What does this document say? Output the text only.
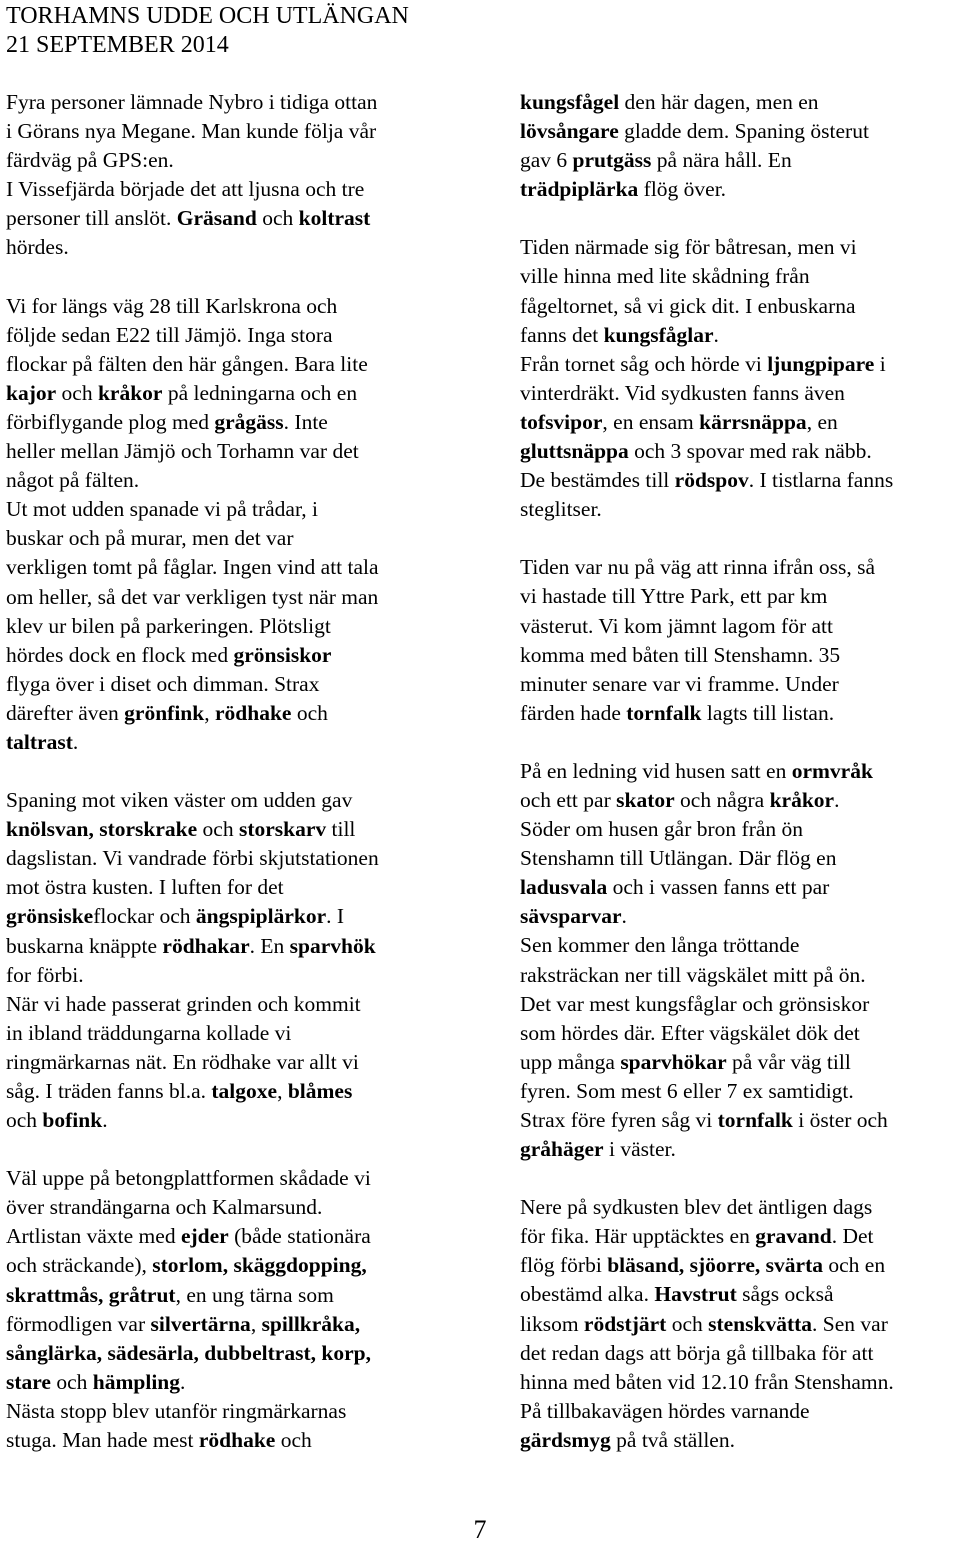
TORHAMNS UDDE OCH UTLÄNGAN
21 SEPTEMBER 2014
Fyra personer lämnade Nybro i tidiga ottan
i Görans nya Megane. Man kunde följa vår
färdväg på GPS:en.
I Vissefjärda började det att ljusna och tre
personer till anslöt. Gräsand och koltrast
hördes.
Vi for längs väg 28 till Karlskrona och
följde sedan E22 till Jämjö. Inga stora
flockar på fälten den här gången. Bara lite
kajor och kråkor på ledningarna och en
förbiflygande plog med grågäss. Inte
heller mellan Jämjö och Torhamn var det
något på fälten.
Ut mot udden spanade vi på trådar, i
buskar och på murar, men det var
verkligen tomt på fåglar. Ingen vind att tala
om heller, så det var verkligen tyst när man
klev ur bilen på parkeringen. Plötsligt
hördes dock en flock med grönsiskor
flyga över i diset och dimman. Strax
därefter även grönfink, rödhake och
taltrast.
Spaning mot viken väster om udden gav
knölsvan, storskrake och storskarv till
dagslistan. Vi vandrade förbi skjutstationen
mot östra kusten. I luften for det
grönsiskeflockar och ängspiplärkor. I
buskarna knäppte rödhakar. En sparvhök
for förbi.
När vi hade passerat grinden och kommit
in ibland träddungarna kollade vi
ringmärkarnas nät. En rödhake var allt vi
såg. I träden fanns bl.a. talgoxe, blåmes
och bofink.
Väl uppe på betongplattformen skådade vi
över strandängarna och Kalmarsund.
Artlistan växte med ejder (både stationära
och sträckande), storlom, skäggdopping,
skrattmås, gråtrut, en ung tärna som
förmodligen var silvertärna, spillkråka,
sånglärka, sädesärla, dubbeltrast, korp,
stare och hämpling.
Nästa stopp blev utanför ringmärkarnas
stuga. Man hade mest rödhake och
kungsfågel den här dagen, men en
lövsångare gladde dem. Spaning österut
gav 6 prutgäss på nära håll. En
trädpiplärka flög över.
Tiden närmade sig för båtresan, men vi
ville hinna med lite skådning från
fågeltornet, så vi gick dit. I enbuskarna
fanns det kungsfåglar.
Från tornet såg och hörde vi ljungpipare i
vinterdräkt. Vid sydkusten fanns även
tofsvipor, en ensam kärrsnäppa, en
gluttsnäppa och 3 spovar med rak näbb.
De bestämdes till rödspov. I tistlarna fanns
steglitser.
Tiden var nu på väg att rinna ifrån oss, så
vi hastade till Yttre Park, ett par km
västerut. Vi kom jämnt lagom för att
komma med båten till Stenshamn. 35
minuter senare var vi framme. Under
färden hade tornfalk lagts till listan.
På en ledning vid husen satt en ormvråk
och ett par skator och några kråkor.
Söder om husen går bron från ön
Stenshamn till Utlängan. Där flög en
ladusvala och i vassen fanns ett par
sävsparvar.
Sen kommer den långa tröttande
raksträckan ner till vägskälet mitt på ön.
Det var mest kungsfåglar och grönsiskor
som hördes där. Efter vägskälet dök det
upp många sparvhökar på vår väg till
fyren. Som mest 6 eller 7 ex samtidigt.
Strax före fyren såg vi tornfalk i öster och
gråhäger i väster.
Nere på sydkusten blev det äntligen dags
för fika. Här upptäcktes en gravand. Det
flög förbi bläsand, sjöorre, svärta och en
obestämd alka. Havstrut sågs också
liksom rödstjärt och stenskvätta. Sen var
det redan dags att börja gå tillbaka för att
hinna med båten vid 12.10 från Stenshamn.
På tillbakavägen hördes varnande
gärdsmyg på två ställen.
7
